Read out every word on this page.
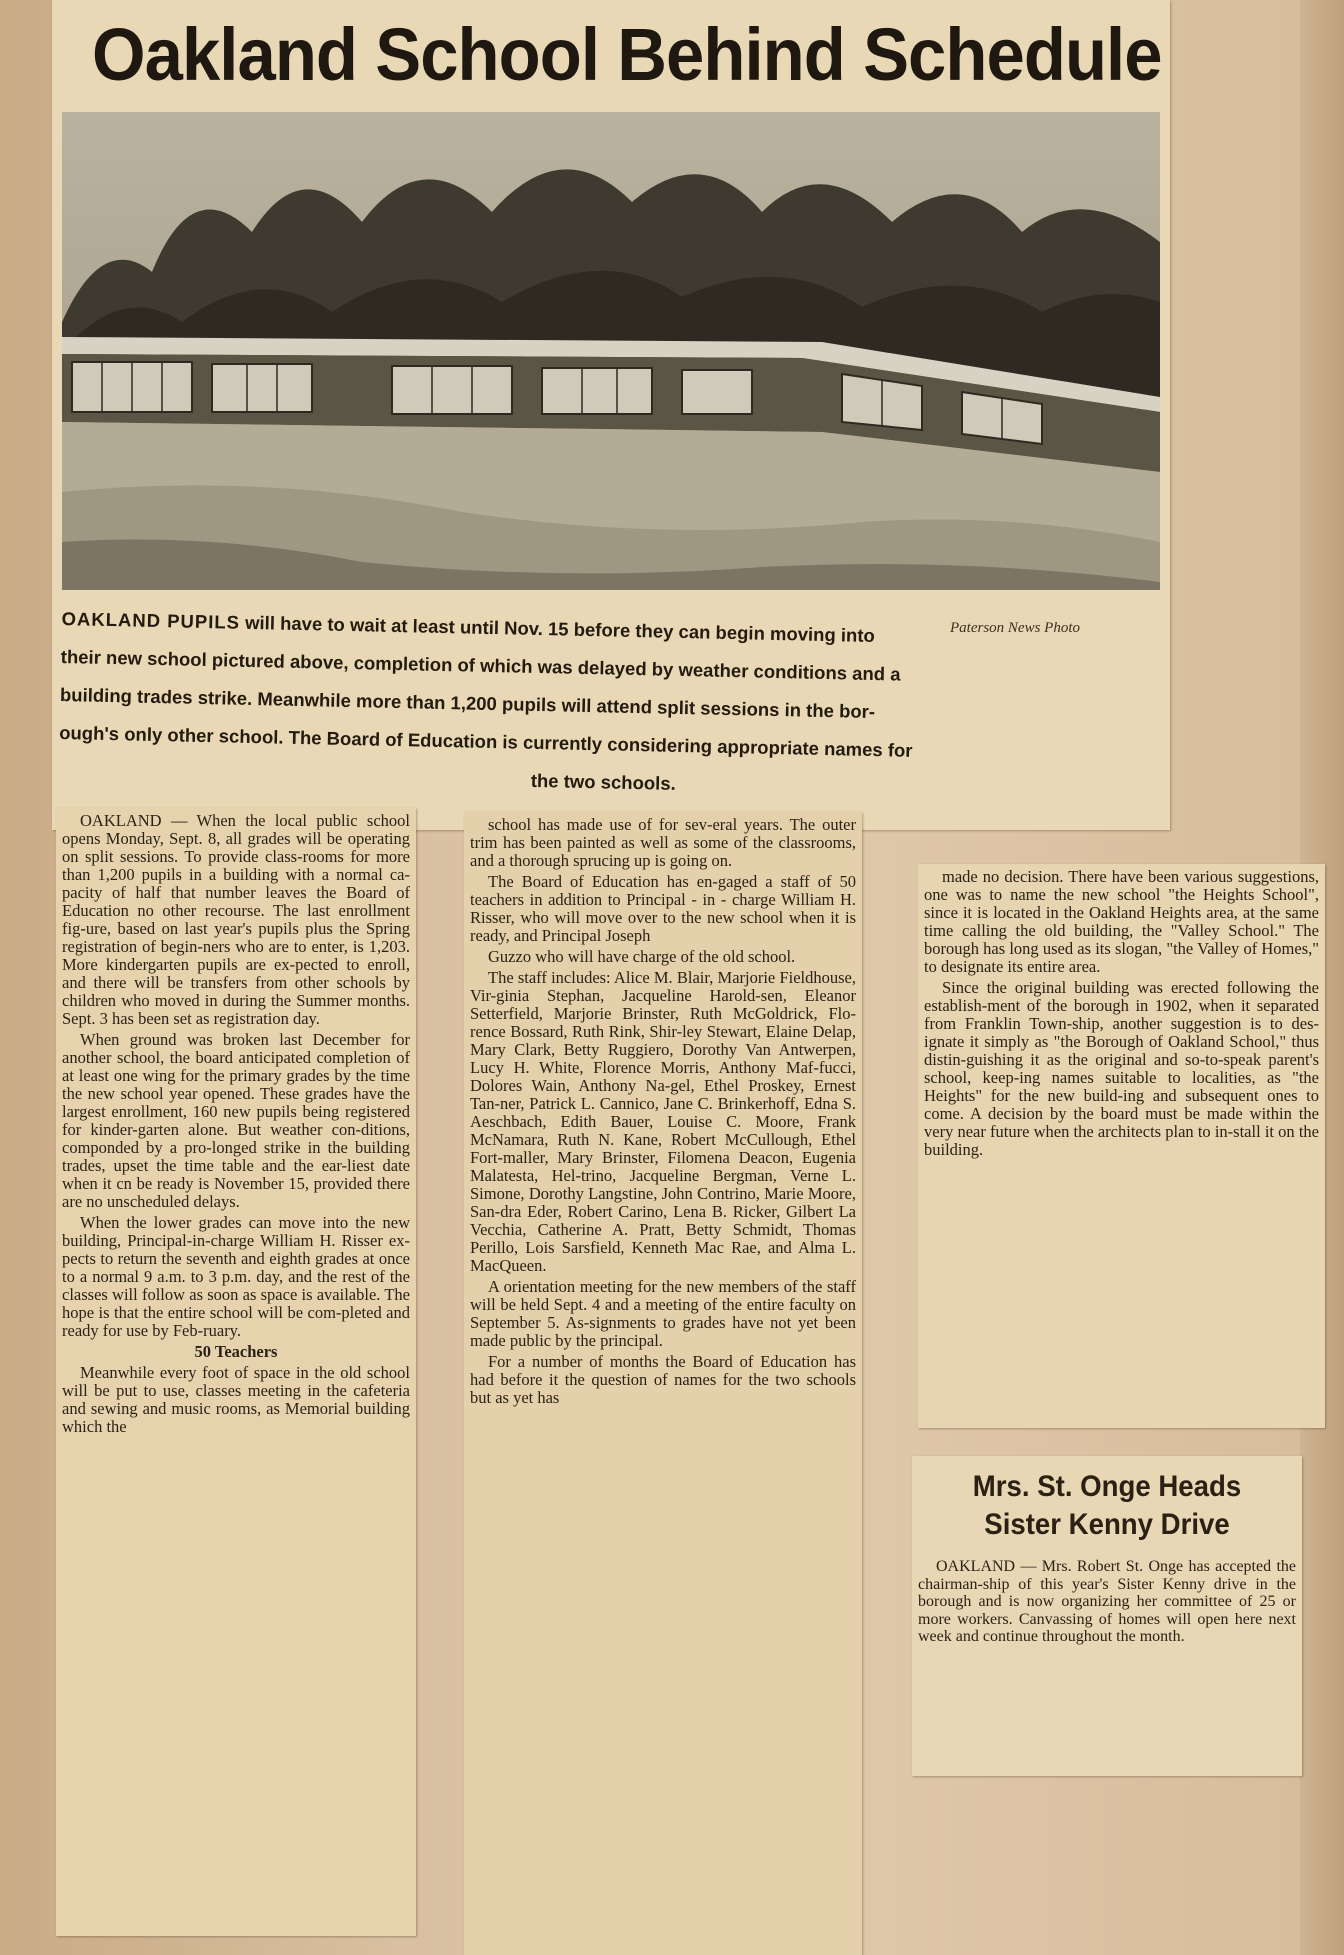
Oakland School Behind Schedule
Paterson News Photo
OAKLAND PUPILS will have to wait at least until Nov. 15 before they can begin moving into
their new school pictured above, completion of which was delayed by weather conditions and a
building trades strike. Meanwhile more than 1,200 pupils will attend split sessions in the bor-
ough's only other school. The Board of Education is currently considering appropriate names for
the two schools.

OAKLAND — When the local public school opens Monday, Sept. 8, all grades will be operating on split sessions. To provide class-rooms for more than 1,200 pupils in a building with a normal ca-pacity of half that number leaves the Board of Education no other recourse. The last enrollment fig-ure, based on last year's pupils plus the Spring registration of begin-ners who are to enter, is 1,203. More kindergarten pupils are ex-pected to enroll, and there will be transfers from other schools by children who moved in during the Summer months. Sept. 3 has been set as registration day.

When ground was broken last December for another school, the board anticipated completion of at least one wing for the primary grades by the time the new school year opened. These grades have the largest enrollment, 160 new pupils being registered for kinder-garten alone. But weather con-ditions, componded by a pro-longed strike in the building trades, upset the time table and the ear-liest date when it cn be ready is November 15, provided there are no unscheduled delays.

When the lower grades can move into the new building, Principal-in-charge William H. Risser ex-pects to return the seventh and eighth grades at once to a normal 9 a.m. to 3 p.m. day, and the rest of the classes will follow as soon as space is available. The hope is that the entire school will be com-pleted and ready for use by Feb-ruary.

50 Teachers

Meanwhile every foot of space in the old school will be put to use, classes meeting in the cafeteria and sewing and music rooms, as Memorial building which the

school has made use of for sev-eral years. The outer trim has been painted as well as some of the classrooms, and a thorough sprucing up is going on.

The Board of Education has en-gaged a staff of 50 teachers in addition to Principal - in - charge William H. Risser, who will move over to the new school when it is ready, and Principal Joseph

Guzzo who will have charge of the old school.

The staff includes: Alice M. Blair, Marjorie Fieldhouse, Vir-ginia Stephan, Jacqueline Harold-sen, Eleanor Setterfield, Marjorie Brinster, Ruth McGoldrick, Flo-rence Bossard, Ruth Rink, Shir-ley Stewart, Elaine Delap, Mary Clark, Betty Ruggiero, Dorothy Van Antwerpen, Lucy H. White, Florence Morris, Anthony Maf-fucci, Dolores Wain, Anthony Na-gel, Ethel Proskey, Ernest Tan-ner, Patrick L. Cannico, Jane C. Brinkerhoff, Edna S. Aeschbach, Edith Bauer, Louise C. Moore, Frank McNamara, Ruth N. Kane, Robert McCullough, Ethel Fort-maller, Mary Brinster, Filomena Deacon, Eugenia Malatesta, Hel-trino, Jacqueline Bergman, Verne L. Simone, Dorothy Langstine, John Contrino, Marie Moore, San-dra Eder, Robert Carino, Lena B. Ricker, Gilbert La Vecchia, Catherine A. Pratt, Betty Schmidt, Thomas Perillo, Lois Sarsfield, Kenneth Mac Rae, and Alma L. MacQueen.

A orientation meeting for the new members of the staff will be held Sept. 4 and a meeting of the entire faculty on September 5. As-signments to grades have not yet been made public by the principal.

For a number of months the Board of Education has had before it the question of names for the two schools but as yet has

made no decision. There have been various suggestions, one was to name the new school "the Heights School", since it is located in the Oakland Heights area, at the same time calling the old building, the "Valley School." The borough has long used as its slogan, "the Valley of Homes," to designate its entire area.

Since the original building was erected following the establish-ment of the borough in 1902, when it separated from Franklin Town-ship, another suggestion is to des-ignate it simply as "the Borough of Oakland School," thus distin-guishing it as the original and so-to-speak parent's school, keep-ing names suitable to localities, as "the Heights" for the new build-ing and subsequent ones to come. A decision by the board must be made within the very near future when the architects plan to in-stall it on the building.

Mrs. St. Onge Heads
Sister Kenny Drive

OAKLAND — Mrs. Robert St. Onge has accepted the chairman-ship of this year's Sister Kenny drive in the borough and is now organizing her committee of 25 or more workers. Canvassing of homes will open here next week and continue throughout the month.
